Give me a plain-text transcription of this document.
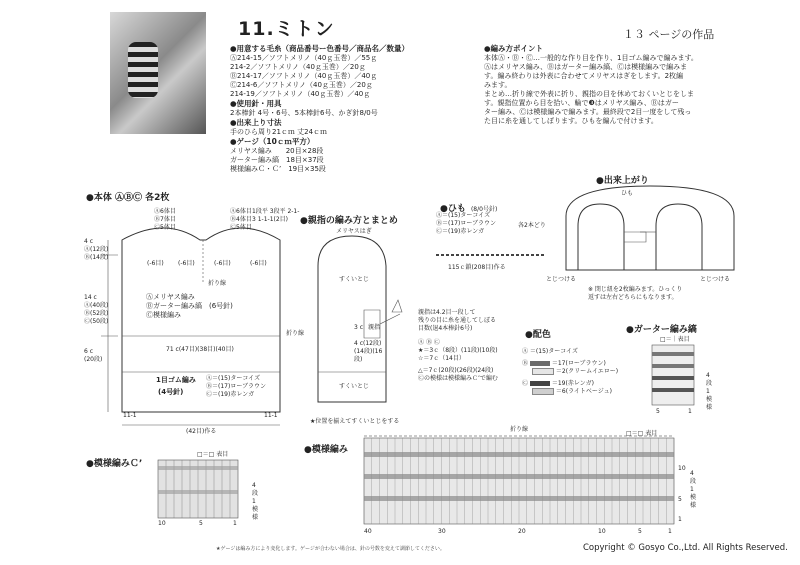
11.ミトン	１３ ページの作品
●用意する毛糸（商品番号ー色番号／商品名／数量）
Ⓐ214-15／ソフトメリノ（40ｇ玉巻）／55ｇ
214-2／ソフトメリノ（40ｇ玉巻）／20ｇ
Ⓑ214-17／ソフトメリノ（40ｇ玉巻）／40ｇ
Ⓒ214-6／ソフトメリノ（40ｇ玉巻）／20ｇ
214-19／ソフトメリノ（40ｇ玉巻）／40ｇ
●使用針・用具
2本棒針 4号・6号、5本棒針6号、かぎ針8/0号
●出来上り寸法
手のひら周り21ｃｍ 丈24ｃｍ
●ゲージ（10ｃｍ平方）
メリヤス編み　　20目×28段
ガーター編み縞　18目×37段
模様編みＣ・Ｃ’　19目×35段
●編み方ポイント
本体Ⓐ・Ⓑ・Ⓒ…一般的な作り目を作り、1目ゴム編みで編みます。
Ⓐはメリヤス編み、Ⓑはガーター編み縞、Ⓒは模様編みで編みま
す。編み終わりは外表に合わせてメリヤスはぎをします。2枚編
みます。
まとめ…折り線で外表に折り、親指の目を休めておくいとじをしま
す。親指位置から目を拾い、輪で❸はメリヤス編み、Ⓑはガー
ター編み、Ⓒは模様編みで編みます。最終段で2目一度をして残っ
た目に糸を通してしぼります。ひもを編んで付けます。
●本体 ⒶⒷⒸ 各2枚
Ⓐ6体目
Ⓑ7体目
Ⓒ5体目
Ⓐ6体目
Ⓑ4体目
Ⓒ5体目
1段平 3段平 2-1-3 1-1-1(2目)
(-6目) (-6目)	(-6目)	(-6目)
折り線
4 c
Ⓐ(12段)
Ⓑ(14段)
14 c
Ⓐ(40段)
Ⓑ(52段)
Ⓒ(50段)
6 c
(20段)
Ⓐメリヤス編み
Ⓑガーター編み縞　(6号針)
Ⓒ模様編み
71 c(47目)(38目)(40目)
1目ゴム編み
(4号針)
Ⓐ＝(15)ターコイズ
Ⓑ＝(17)ローブラウン
Ⓒ＝(19)赤レンガ
11-1	11-1
(42目)作る
●親指の編み方とまとめ
メリヤスはぎ
すくいとじ
すくいとじ
折り線
3 c 親指
4 c(12段)(14段)(16段)
親指は4.2目一段して
残りの目に糸を通してしぼる
目数(退4本棒針6号)
Ⓐ Ⓑ Ⓒ
★＝3ｃ（8段）(11段)(10段)
☆＝7ｃ（14目）
△＝7ｃ(20段)(26段)(24段)
Ⓒの模様は模様編みＣ’で編む
★位置を揃えてすくいとじをする
●ひも (8/0号針)
Ⓐ＝(15)ターコイズ
Ⓑ＝(17)ローブラウン
Ⓒ＝(19)赤レンガ
各2本どり
115ｃ鎖(208目)作る
●出来上がり
ひも
とじつける	とじつける
※ 閉じ紐を2枚編みます。ひっくり
返すは左右どちらにもなります。
●配色
Ⓐ ＝(15)ターコイズ
Ⓑ	＝17(ローブラウン)
＝2(クリームイエロー)
Ⓒ	＝19(赤レンガ)
＝6(ライトベージュ)
●ガーター編み縞
□＝｜表目
4段1模様
5	1
●模様編みＣ’
□＝□ 表目
4段1模様
10	5	1
●模様編み
□＝□ 表目
折り線
4段1模様
40	30	20	10	5	1
10
5
1
★ゲージは編み方により変化します。ゲージが合わない場合は、針の号数を変えて調節してください。	Copyright © Gosyo Co.,Ltd. All Rights Reserved.
